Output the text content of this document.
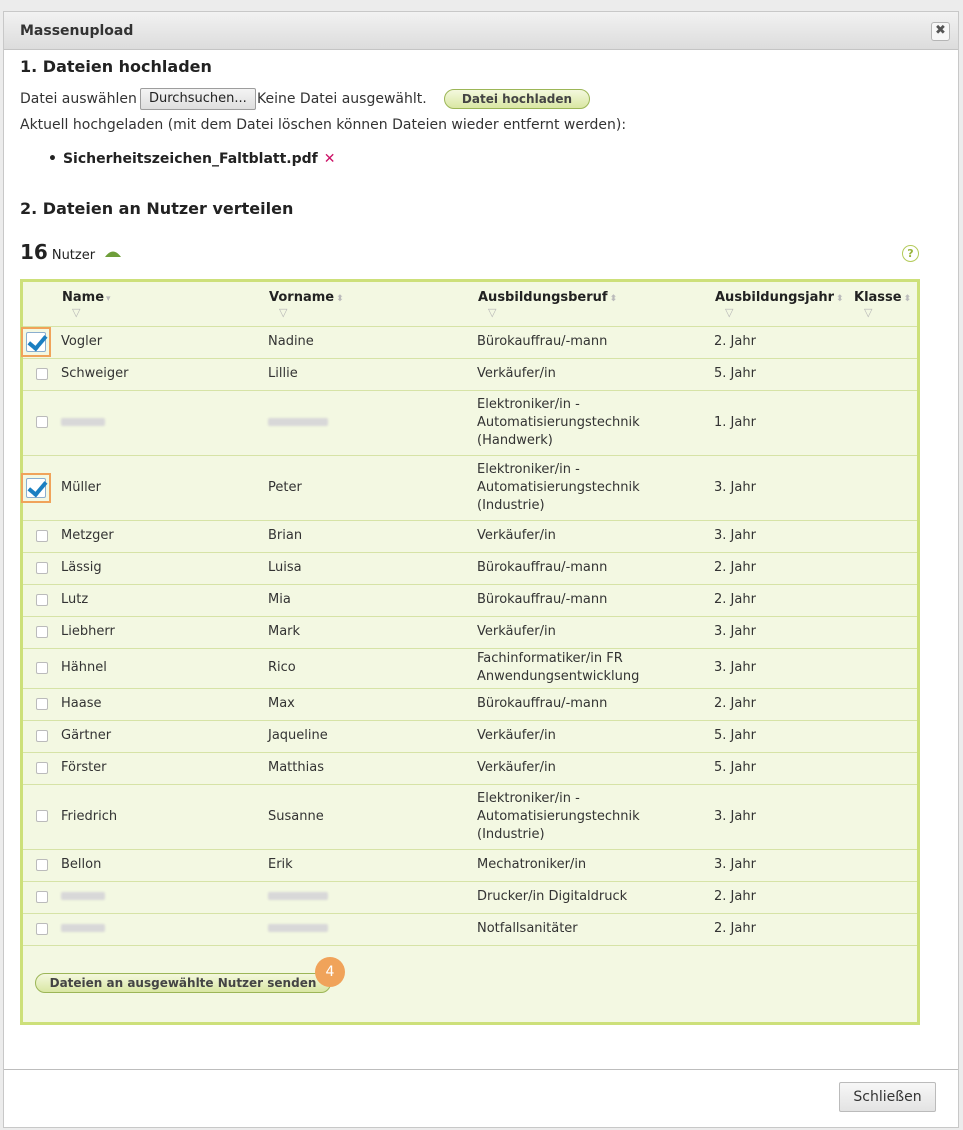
Massenupload	✖
1. Dateien hochladen
Datei auswählen Durchsuchen... Keine Datei ausgewählt.	Datei hochladen
Aktuell hochgeladen (mit dem Datei löschen können Dateien wieder entfernt werden):
• Sicherheitszeichen_Faltblatt.pdf ✕
2. Dateien an Nutzer verteilen
16 Nutzer	?
	Name ▾
▽	Vorname ⬍
▽	Ausbildungsberuf ⬍
▽	Ausbildungsjahr ⬍
▽	Klasse ⬍
▽

	Vogler	Nadine	Bürokauffrau/-mann	2. Jahr	
	Schweiger	Lillie	Verkäufer/in	5. Jahr	

			Elektroniker/in -
Automatisierungstechnik
(Handwerk)	1. Jahr	
	Müller	Peter	Elektroniker/in -
Automatisierungstechnik
(Industrie)	3. Jahr	
	Metzger	Brian	Verkäufer/in	3. Jahr	
	Lässig	Luisa	Bürokauffrau/-mann	2. Jahr	
	Lutz	Mia	Bürokauffrau/-mann	2. Jahr	
	Liebherr	Mark	Verkäufer/in	3. Jahr	
	Hähnel	Rico	Fachinformatiker/in FR
Anwendungsentwicklung	3. Jahr	
	Haase	Max	Bürokauffrau/-mann	2. Jahr	
	Gärtner	Jaqueline	Verkäufer/in	5. Jahr	
	Förster	Matthias	Verkäufer/in	5. Jahr	
	Friedrich	Susanne	Elektroniker/in -
Automatisierungstechnik
(Industrie)	3. Jahr	
	Bellon	Erik	Mechatroniker/in	3. Jahr	

			Drucker/in Digitaldruck	2. Jahr	

			Notfallsanitäter	2. Jahr	
Dateien an ausgewählte Nutzer senden
4
Schließen
